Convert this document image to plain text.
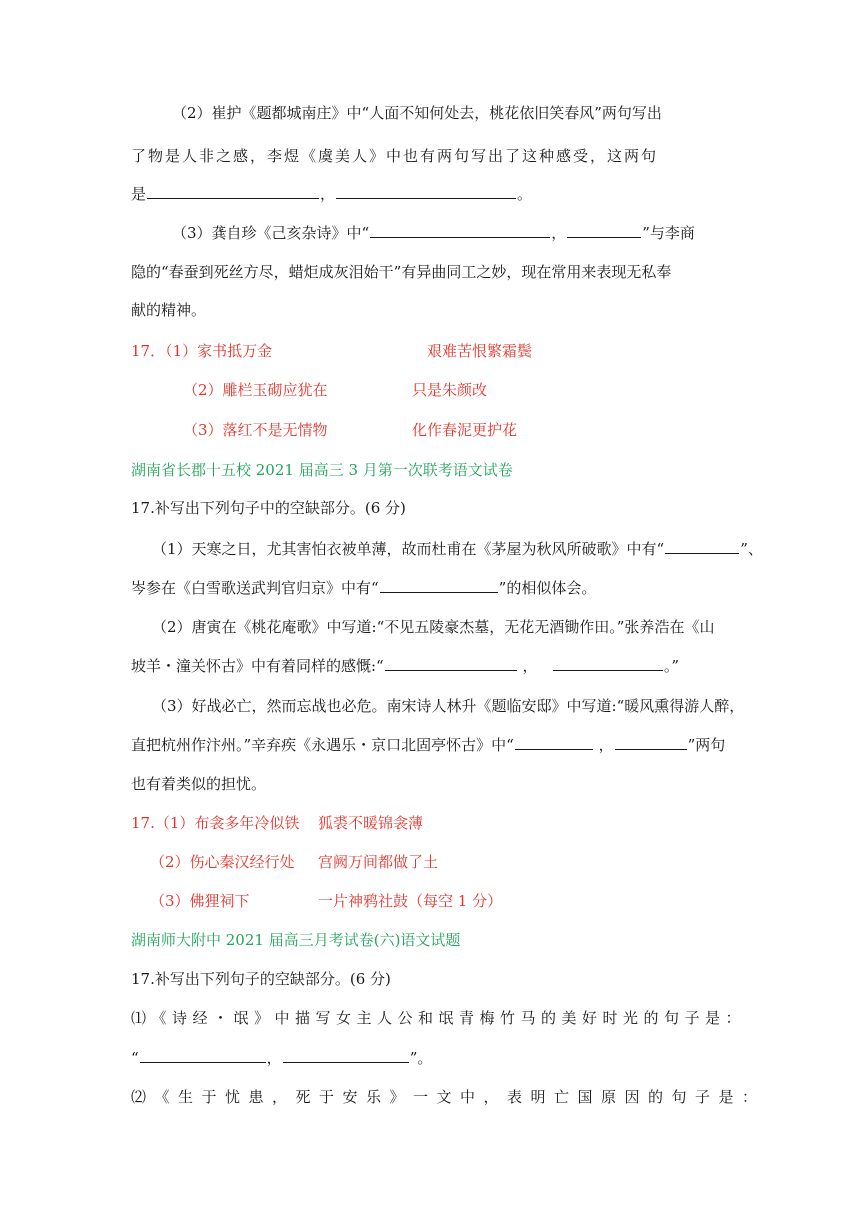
（2）崔护《题都城南庄》中“人面不知何处去，桃花依旧笑春风”两句写出
了物是人非之感，李煜《虞美人》中也有两句写出了这种感受，这两句
是	，	。
（3）龚自珍《己亥杂诗》中“	，	”与李商
隐的“春蚕到死丝方尽，蜡炬成灰泪始干”有异曲同工之妙，现在常用来表现无私奉
献的精神。
17．（1）家书抵万金	艰难苦恨繁霜鬓
（2）雕栏玉砌应犹在	只是朱颜改
（3）落红不是无情物	化作春泥更护花
湖南省长郡十五校 2021 届高三 3 月第一次联考语文试卷
17.补写出下列句子中的空缺部分。(6 分)
（1）天寒之日，尤其害怕衣被单薄，故而杜甫在《茅屋为秋风所破歌》中有“	”、
岑参在《白雪歌送武判官归京》中有“	”的相似体会。
（2）唐寅在《桃花庵歌》中写道:“不见五陵豪杰墓，无花无酒锄作田。”张养浩在《山
坡羊・潼关怀古》中有着同样的感慨:“	，	。”
（3）好战必亡，然而忘战也必危。南宋诗人林升《题临安邸》中写道:“暖风熏得游人醉，
直把杭州作汴州。”辛弃疾《永遇乐・京口北固亭怀古》中“	，	”两句
也有着类似的担忧。
17.（1）布衾多年冷似铁 狐裘不暖锦衾薄
（2）伤心秦汉经行处 宫阙万间都做了土
（3）佛狸祠下	一片神鸦社鼓（每空 1 分）
湖南师大附中 2021 届高三月考试卷(六)语文试题
17.补写出下列句子的空缺部分。(6 分)
⑴《诗经・氓》中描写女主人公和氓青梅竹马的美好时光的句子是：
“	，	”。
⑵《生于忧患，死于安乐》一文中，表明亡国原因的句子是：
